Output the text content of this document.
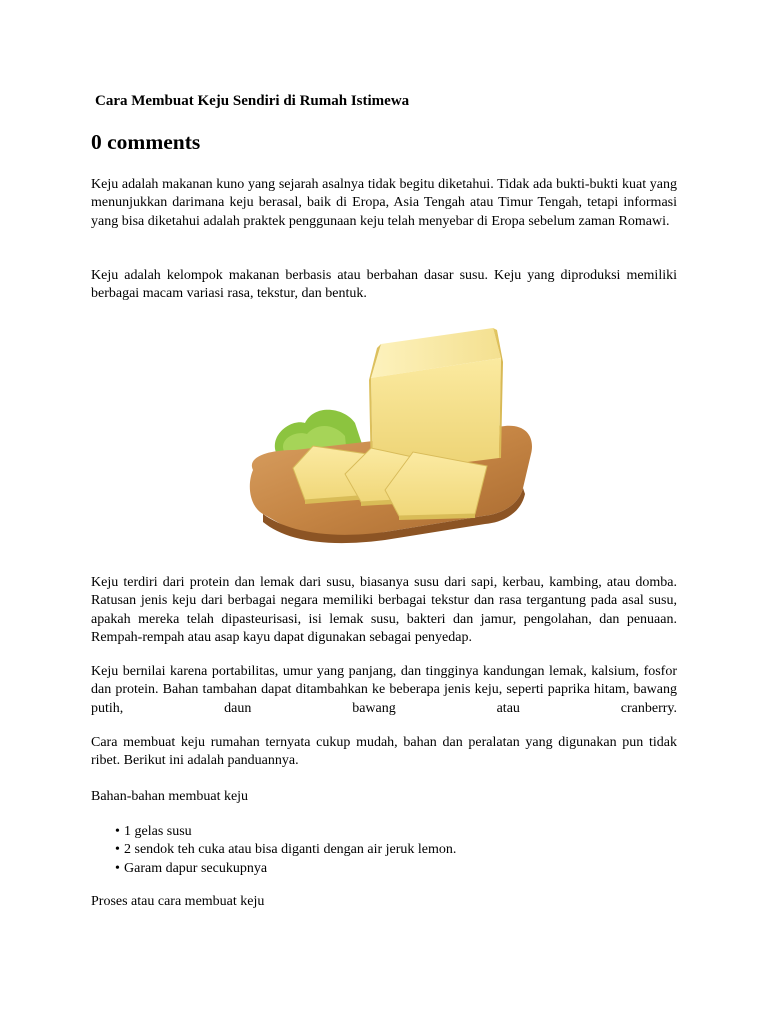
Cara Membuat Keju Sendiri di Rumah Istimewa
0 comments

Keju adalah makanan kuno yang sejarah asalnya tidak begitu diketahui. Tidak ada bukti-bukti kuat yang menunjukkan darimana keju berasal, baik di Eropa, Asia Tengah atau Timur Tengah, tetapi informasi yang bisa diketahui adalah praktek penggunaan keju telah menyebar di Eropa sebelum zaman Romawi.

Keju adalah kelompok makanan berbasis atau berbahan dasar susu. Keju yang diproduksi memiliki berbagai macam variasi rasa, tekstur, dan bentuk.

Keju terdiri dari protein dan lemak dari susu, biasanya susu dari sapi, kerbau, kambing, atau domba. Ratusan jenis keju dari berbagai negara memiliki berbagai tekstur dan rasa tergantung pada asal susu, apakah mereka telah dipasteurisasi, isi lemak susu, bakteri dan jamur, pengolahan, dan penuaan. Rempah-rempah atau asap kayu dapat digunakan sebagai penyedap.

Keju bernilai karena portabilitas, umur yang panjang, dan tingginya kandungan lemak, kalsium, fosfor dan protein. Bahan tambahan dapat ditambahkan ke beberapa jenis keju, seperti paprika hitam, bawang putih, daun bawang atau cranberry.

Cara membuat keju rumahan ternyata cukup mudah, bahan dan peralatan yang digunakan pun tidak ribet. Berikut ini adalah panduannya.

Bahan-bahan membuat keju

• 1 gelas susu
• 2 sendok teh cuka atau bisa diganti dengan air jeruk lemon.
• Garam dapur secukupnya

Proses atau cara membuat keju
